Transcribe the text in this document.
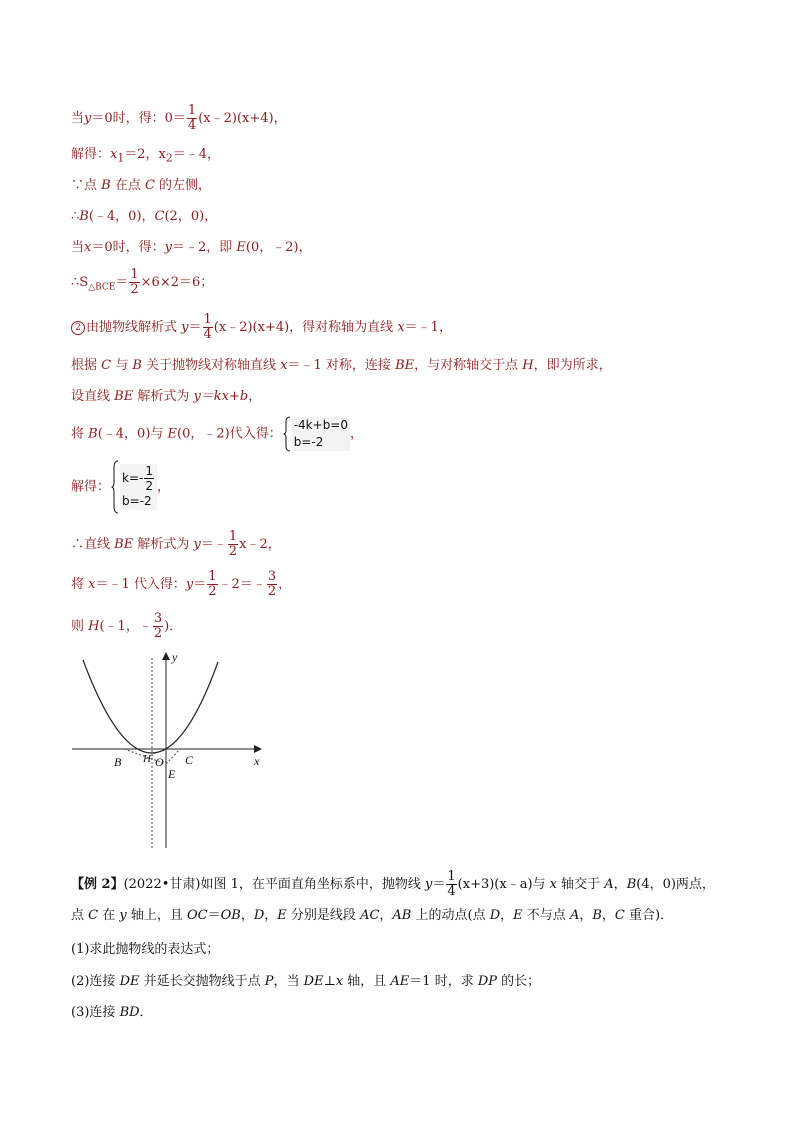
当y＝0时，得：$0= \frac{1}{4}$ (x﹣2)(x+4)，
解得：$x_1=2$，$x_2=﹣4$，
∵点 B 在点 C 的左侧，
∴B(﹣4，0)，C(2，0)，
当x＝0时，得：y＝﹣2，即 E(0，﹣2)，
$\therefore S_{\triangle BCE}= \frac{1}{2} \times 6\times 2=6$；
2 由抛物线解析式 $y= \frac{1}{4}$ (x﹣2)(x+4)，得对称轴为直线 x＝﹣1，
根据 C 与 B 关于抛物线对称轴直线 x＝﹣1 对称，连接 BE，与对称轴交于点 H，即为所求，
设直线 BE 解析式为 y＝kx+b，
将 B(﹣4，0)与 E(0，﹣2)代入得：
-4k+b=0
b=-2
，
解得：
$k=- \frac{1}{2}$
b=-2
，
∴直线 BE 解析式为 y＝﹣ $\frac{1}{2}$ x﹣2，
将 x＝﹣1 代入得：$y= \frac{1}{2}$ ﹣2＝﹣ $\frac{3}{2}$ ，
则 H(﹣1，﹣ $\frac{3}{2}$ )．
y
x
B H O C
E
【例 2】(2022•甘肃)如图 1，在平面直角坐标系中，抛物线 $y= \frac{1}{4}$ (x+3)(x﹣a)与 x 轴交于 A，B(4，0)两点，
点 C 在 y 轴上，且 OC＝OB，D，E 分别是线段 AC，AB 上的动点(点 D，E 不与点 A，B，C 重合)．
(1)求此抛物线的表达式；
(2)连接 DE 并延长交抛物线于点 P，当 DE⊥x 轴，且 AE＝1 时，求 DP 的长；
(3)连接 BD．
